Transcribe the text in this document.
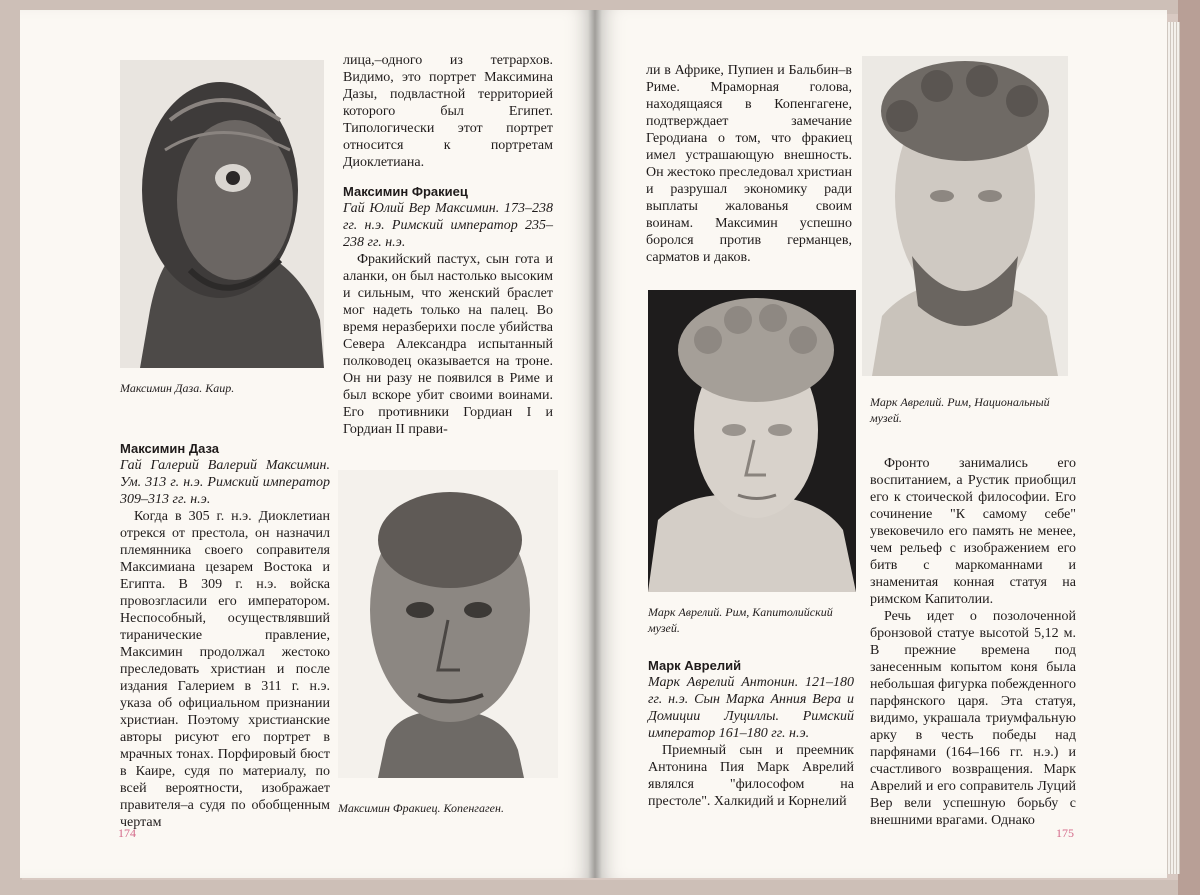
Максимин Даза. Каир.
Максимин Даза

Гай Галерий Валерий Максимин. Ум. 313 г. н.э. Римский император 309–313 гг. н.э.

Когда в 305 г. н.э. Диоклетиан отрекся от престола, он назначил племянника своего соправителя Максимиана цезарем Востока и Египта. В 309 г. н.э. войска провозгласили его императором. Неспособный, осуществлявший тиранические правление, Максимин продолжал жестоко преследовать христиан и после издания Галерием в 311 г. н.э. указа об официальном признании христиан. Поэтому христианские авторы рисуют его портрет в мрачных тонах. Порфировый бюст в Каире, судя по материалу, по всей вероятности, изображает правителя–а судя по обобщенным чертам

лица,–одного из тетрархов. Видимо, это портрет Максимина Дазы, подвластной территорией которого был Египет. Типологически этот портрет относится к портретам Диоклетиана.

Максимин Фракиец

Гай Юлий Вер Максимин. 173–238 гг. н.э. Римский император 235–238 гг. н.э.

Фракийский пастух, сын гота и аланки, он был настолько высоким и сильным, что женский браслет мог надеть только на палец. Во время неразберихи после убийства Севера Александра испытанный полководец оказывается на троне. Он ни разу не появился в Риме и был вскоре убит своими воинами. Его противники Гордиан I и Гордиан II прави-

Максимин Фракиец. Копенгаген.
174

ли в Африке, Пупиен и Бальбин–в Риме. Мраморная голова, находящаяся в Копенгагене, подтверждает замечание Геродиана о том, что фракиец имел устрашающую внешность. Он жестоко преследовал христиан и разрушал экономику ради выплаты жалованья своим воинам. Максимин успешно боролся против германцев, сарматов и даков.

Марк Аврелий. Рим, Капитолийский музей.
Марк Аврелий

Марк Аврелий Антонин. 121–180 гг. н.э. Сын Марка Анния Вера и Домиции Луциллы. Римский император 161–180 гг. н.э.

Приемный сын и преемник Антонина Пия Марк Аврелий являлся "философом на престоле". Халкидий и Корнелий

Марк Аврелий. Рим, Национальный музей.

Фронто занимались его воспитанием, а Рустик приобщил его к стоической философии. Его сочинение "К самому себе" увековечило его память не менее, чем рельеф с изображением его битв с маркоманнами и знаменитая конная статуя на римском Капитолии.

Речь идет о позолоченной бронзовой статуе высотой 5,12 м. В прежние времена под занесенным копытом коня была небольшая фигурка побежденного парфянского царя. Эта статуя, видимо, украшала триумфальную арку в честь победы над парфянами (164–166 гг. н.э.) и счастливого возвращения. Марк Аврелий и его соправитель Луций Вер вели успешную борьбу с внешними врагами. Однако

175
